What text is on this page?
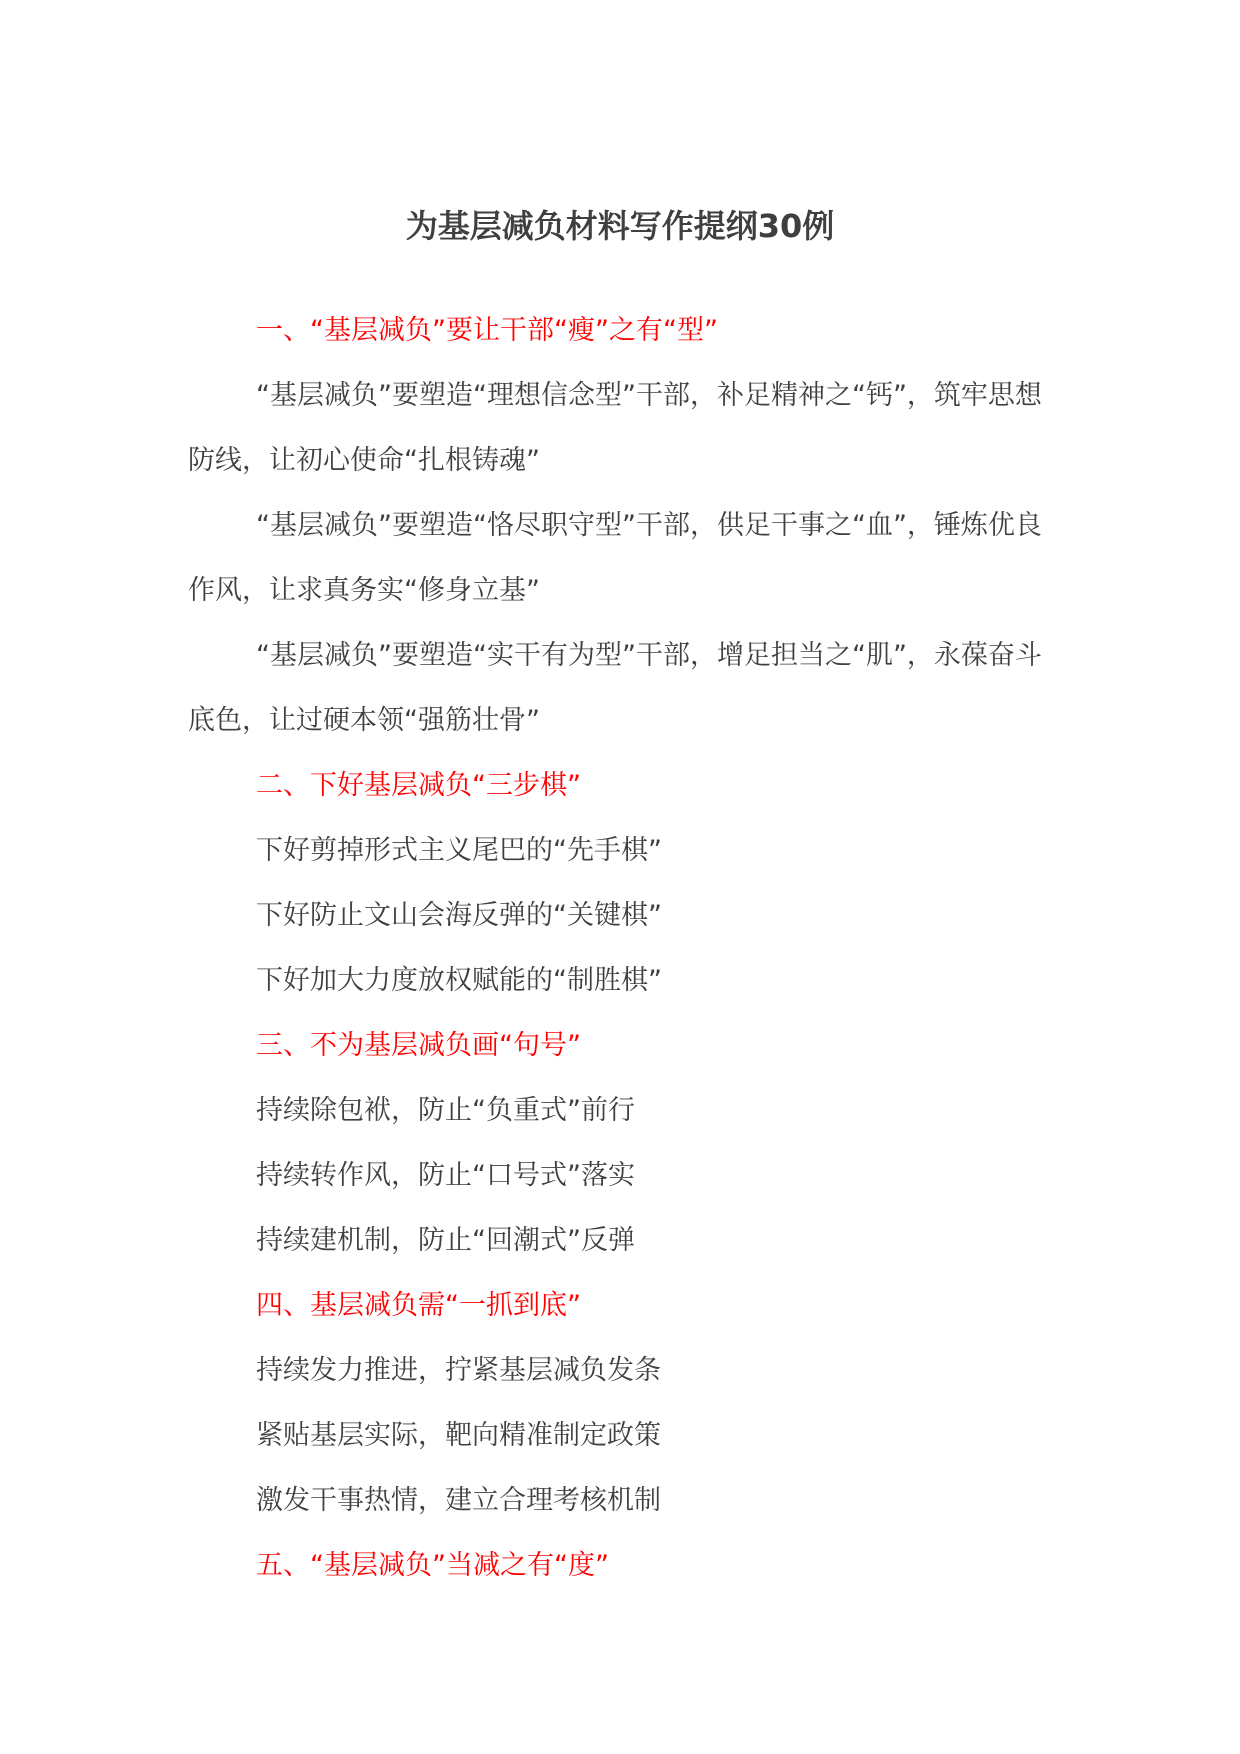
为基层减负材料写作提纲30例
一、“基层减负”要让干部“瘦”之有“型”

“基层减负”要塑造“理想信念型”干部，补足精神之“钙”，筑牢思想防线，让初心使命“扎根铸魂”

“基层减负”要塑造“恪尽职守型”干部，供足干事之“血”，锤炼优良作风，让求真务实“修身立基”

“基层减负”要塑造“实干有为型”干部，增足担当之“肌”，永葆奋斗底色，让过硬本领“强筋壮骨”

二、下好基层减负“三步棋”
下好剪掉形式主义尾巴的“先手棋”
下好防止文山会海反弹的“关键棋”
下好加大力度放权赋能的“制胜棋”
三、不为基层减负画“句号”
持续除包袱，防止“负重式”前行
持续转作风，防止“口号式”落实
持续建机制，防止“回潮式”反弹
四、基层减负需“一抓到底”
持续发力推进，拧紧基层减负发条
紧贴基层实际，靶向精准制定政策
激发干事热情，建立合理考核机制
五、“基层减负”当减之有“度”
